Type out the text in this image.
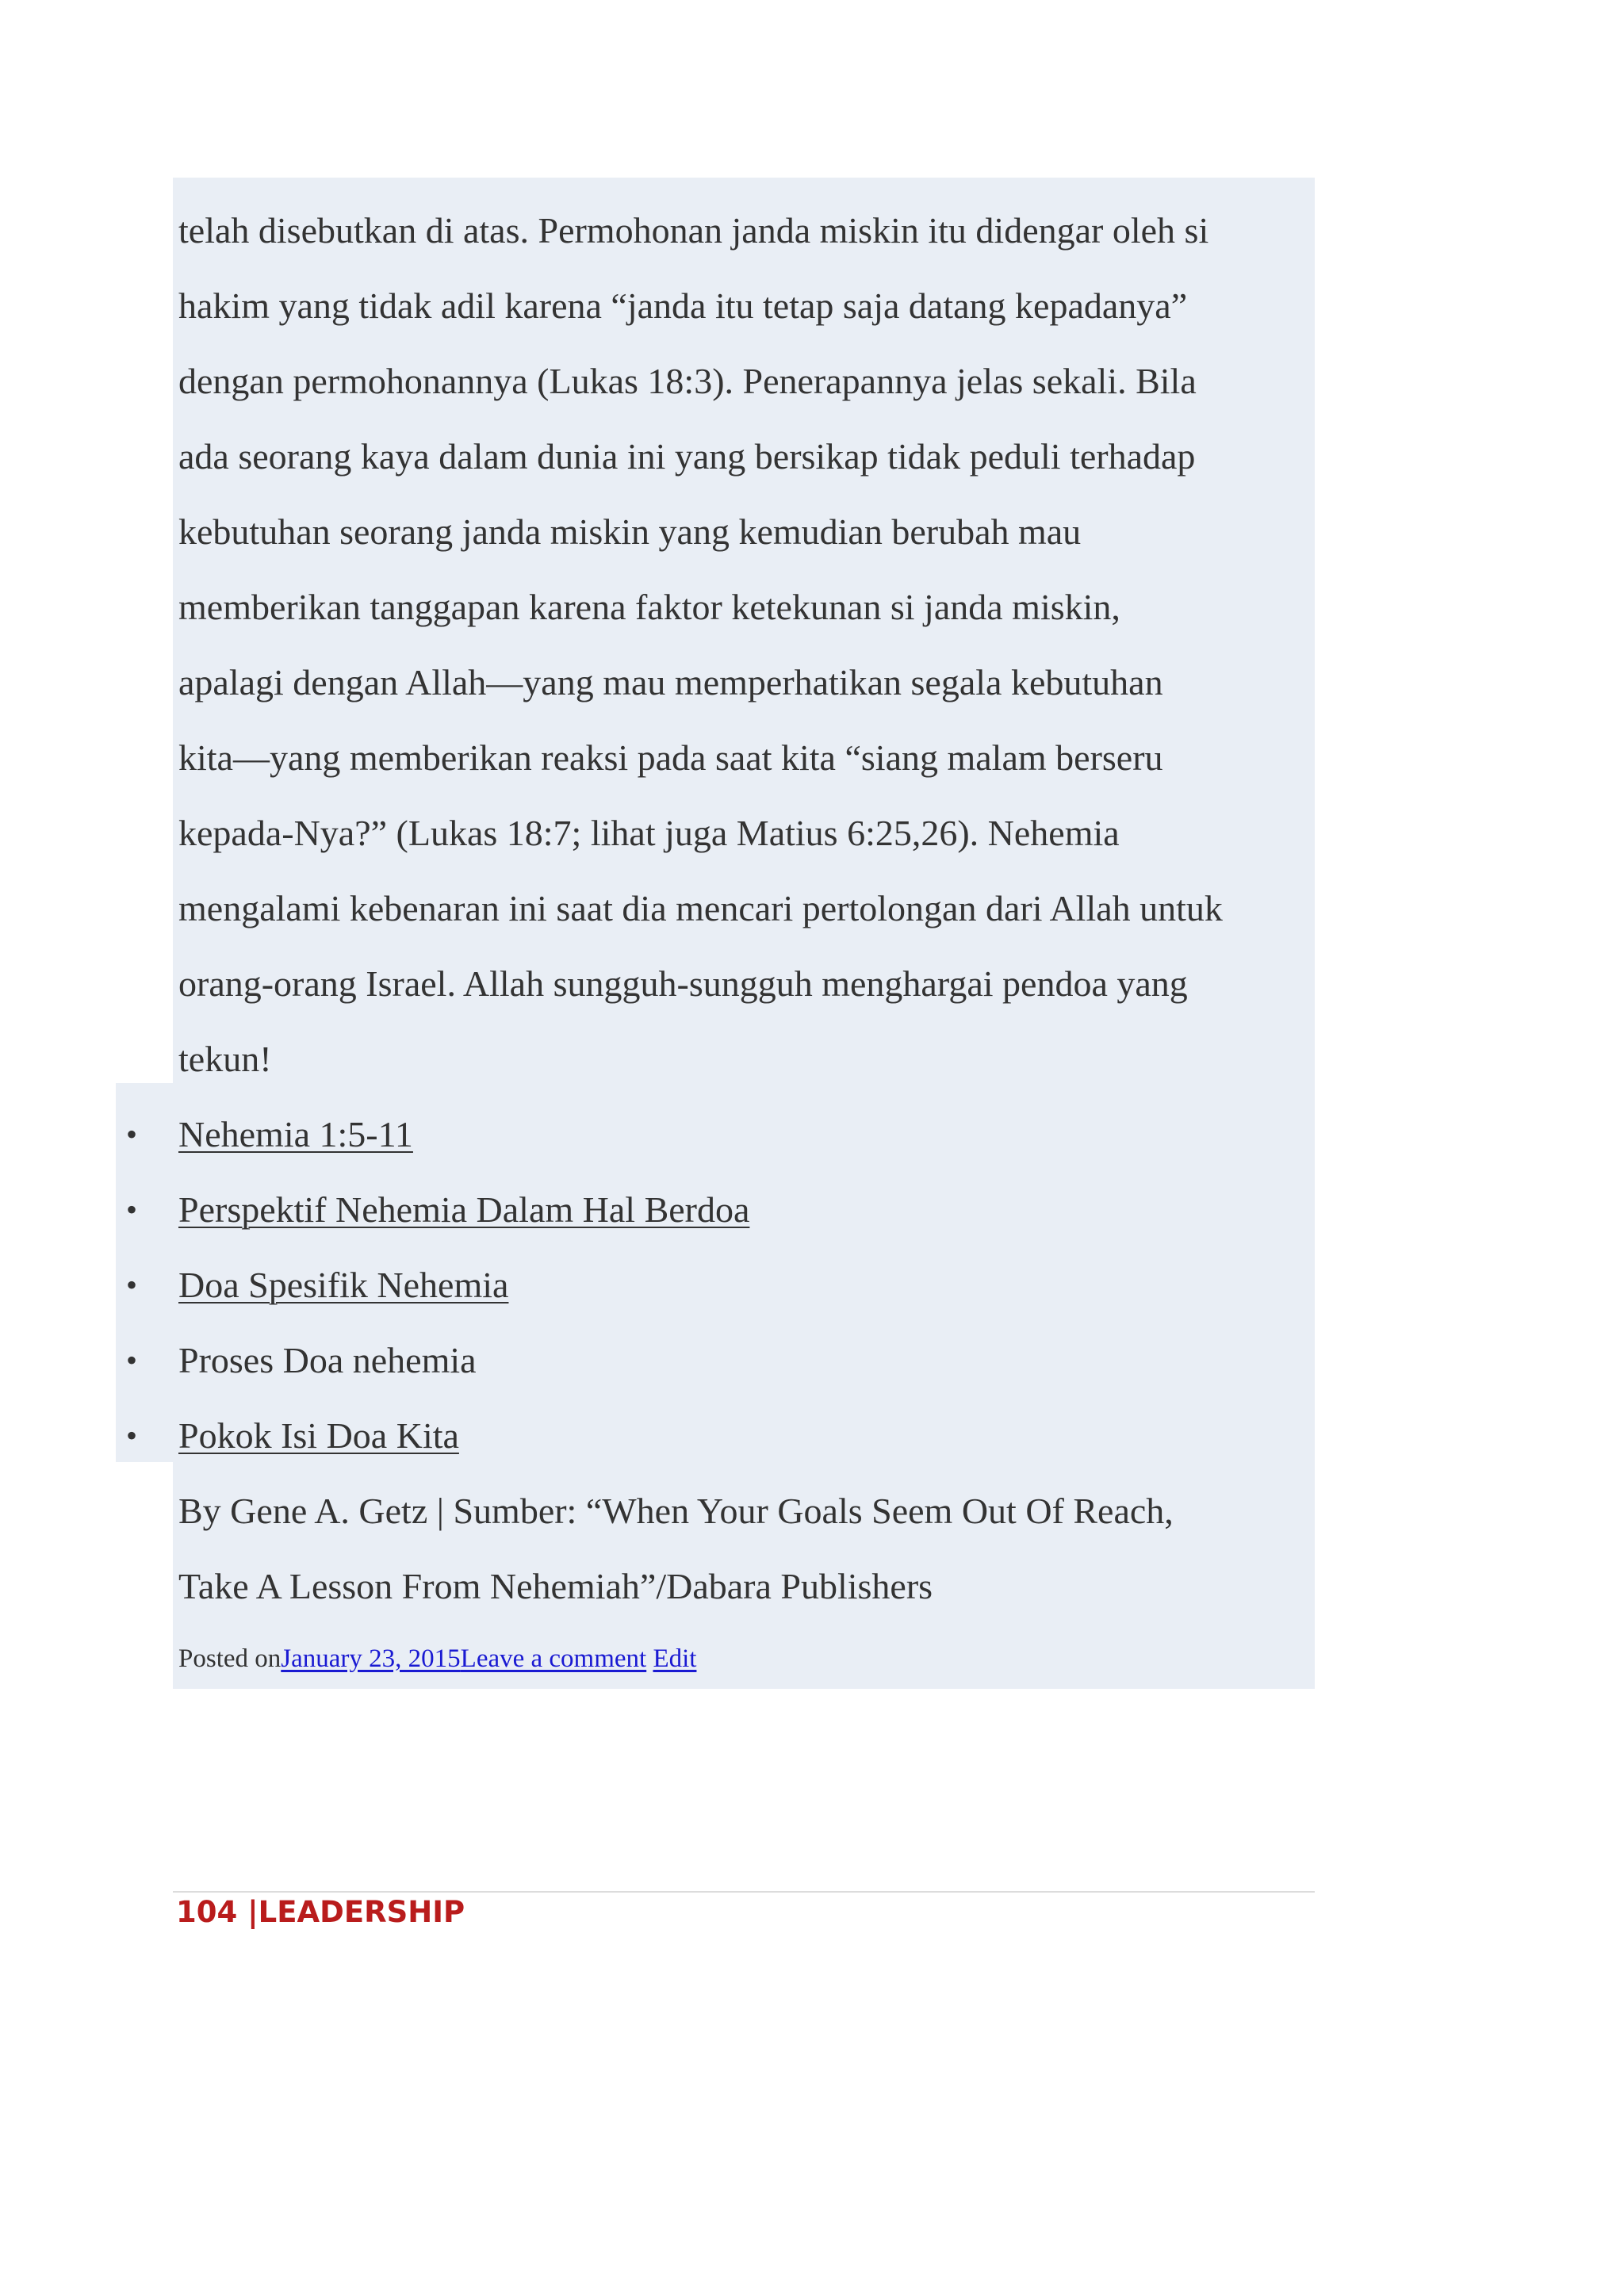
telah disebutkan di atas. Permohonan janda miskin itu didengar oleh si

hakim yang tidak adil karena “janda itu tetap saja datang kepadanya”

dengan permohonannya (Lukas 18:3). Penerapannya jelas sekali. Bila

ada seorang kaya dalam dunia ini yang bersikap tidak peduli terhadap

kebutuhan seorang janda miskin yang kemudian berubah mau

memberikan tanggapan karena faktor ketekunan si janda miskin,

apalagi dengan Allah—yang mau memperhatikan segala kebutuhan

kita—yang memberikan reaksi pada saat kita “siang malam berseru

kepada-Nya?” (Lukas 18:7; lihat juga Matius 6:25,26). Nehemia

mengalami kebenaran ini saat dia mencari pertolongan dari Allah untuk

orang-orang Israel. Allah sungguh-sungguh menghargai pendoa yang

tekun!

• Nehemia 1:5-11
• Perspektif Nehemia Dalam Hal Berdoa
• Doa Spesifik Nehemia
• Proses Doa nehemia
• Pokok Isi Doa Kita

By Gene A. Getz | Sumber: “When Your Goals Seem Out Of Reach,

Take A Lesson From Nehemiah”/Dabara Publishers

Posted onJanuary 23, 2015Leave a comment Edit
104 |LEADERSHIP
